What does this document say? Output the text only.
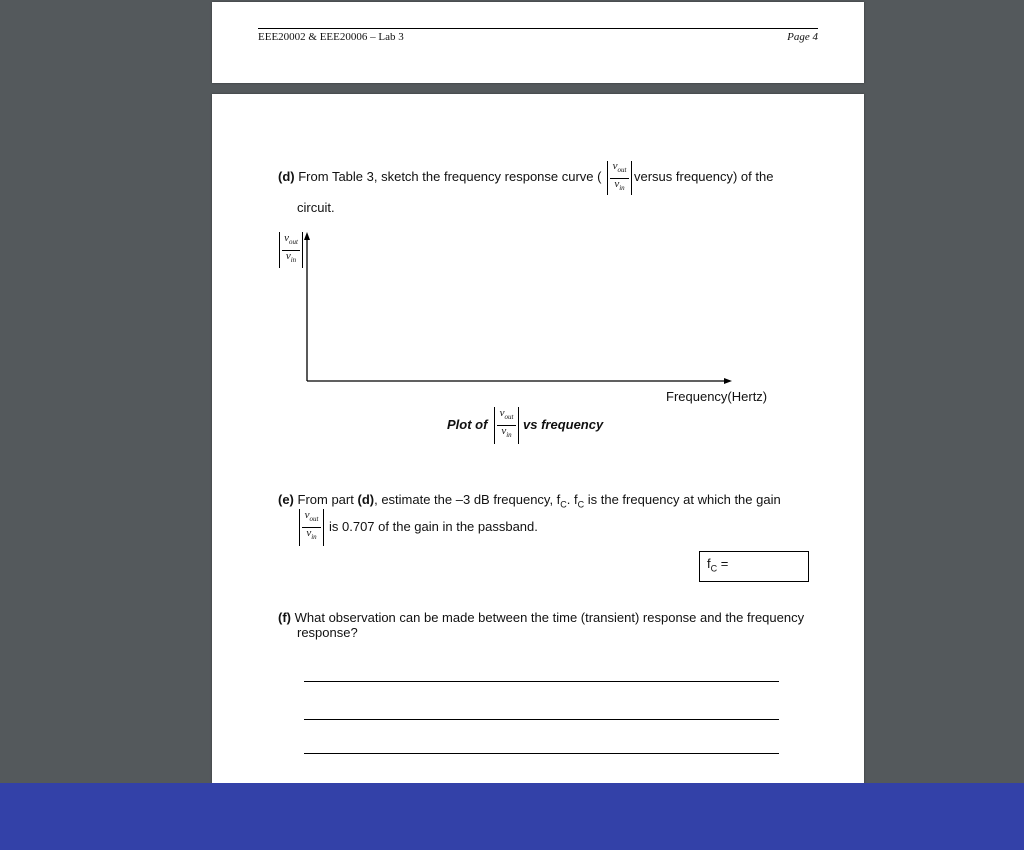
EEE20002 & EEE20006 – Lab 3	Page 4
(d) From Table 3, sketch the frequency response curve (
$v_{out}$
$v_{in}$
versus frequency) of the
circuit.
$v_{out}$
$v_{in}$
Frequency(Hertz)
Plot of
$v_{out}$
$v_{in}$
vs frequency
(e) From part (d), estimate the –3 dB frequency, $f_C$. $f_C$ is the frequency at which the gain
$v_{out}$
$v_{in}$
is 0.707 of the gain in the passband.
$f_C$ =
(f) What observation can be made between the time (transient) response and the frequency
response?
